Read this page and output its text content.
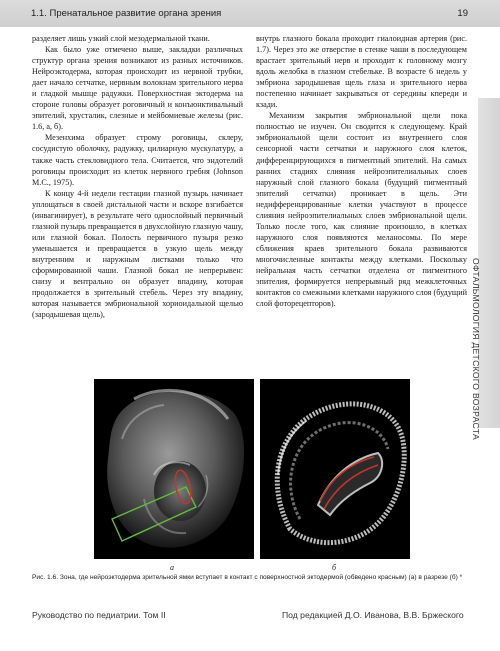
1.1. Пренатальное развитие органа зрения	19

разделяет лишь узкий слой мезодермальной ткани.

Как было уже отмечено выше, закладки различных структур органа зрения возникают из разных источников. Нейроэктодерма, которая происходит из нервной трубки, дает начало сетчатке, нервным волокнам зрительного нерва и гладкой мышце радужки. Поверхностная эктодерма на стороне головы образует роговичный и конъюнктивальный эпителий, хрусталик, слезные и мейбомиевые железы (рис. 1.6, а, б).

Мезенхима образует строму роговицы, склеру, сосудистую оболочку, радужку, цилиарную мускулатуру, а также часть стекловидного тела. Считается, что эндотелий роговицы происходит из клеток нервного гребня (Johnson M.C., 1975).

К концу 4-й недели гестации глазной пузырь начинает уплощаться в своей дистальной части и вскоре взгибается (инвагинирует), в результате чего однослойный первичный глазной пузырь превращается в двухслойную глазную чашу, или глазной бокал. Полость первичного пузыря резко уменьшается и превращается в узкую щель между внутренним и наружным листками только что сформированной чаши. Глазной бокал не непрерывен: снизу и вентрально он образует впадину, которая продолжается в зрительный стебель. Через эту впадину, которая называется эмбриональной хориоидальной щелью (зародышевая щель),

внутрь глазного бокала проходит гиалоидная артерия (рис. 1.7). Через это же отверстие в стенке чаши в последующем врастает зрительный нерв и проходит к головному мозгу вдоль желобка в глазном стебельке. В возрасте 6 недель у эмбриона зародышевая щель глаза и зрительного нерва постепенно начинает закрываться от середины кпереди и кзади.

Механизм закрытия эмбриональной щели пока полностью не изучен. Он сводится к следующему. Край эмбриональной щели состоит из внутреннего слоя сенсорной части сетчатки и наружного слоя клеток, дифференцирующихся в пигментный эпителий. На самых ранних стадиях слияния нейроэпителиальных слоев наружный слой глазного бокала (будущий пигментный эпителий сетчатки) проникает в щель. Эти недифференцированные клетки участвуют в процессе слияния нейроэпителиальных слоев эмбриональной щели. Только после того, как слияние произошло, в клетках наружного слоя появляются меланосомы. По мере сближения краев зрительного бокала развиваются многочисленные контакты между клетками. Поскольку нейральная часть сетчатки отделена от пигментного эпителия, формируется непрерывный ряд межклеточных контактов со смежными клетками наружного слоя (будущий слой фоторецепторов).	ОФТАЛЬМОЛОГИЯ ДЕТСКОГО ВОЗРАСТА
а	б
Рис. 1.6. Зона, где нейроэктодерма зрительной ямки вступает в контакт с поверхностной эктодермой (обведено красным) (а) в разрезе (б) *
Руководство по педиатрии. Том II	Под редакцией Д.О. Иванова, В.В. Бржеского
